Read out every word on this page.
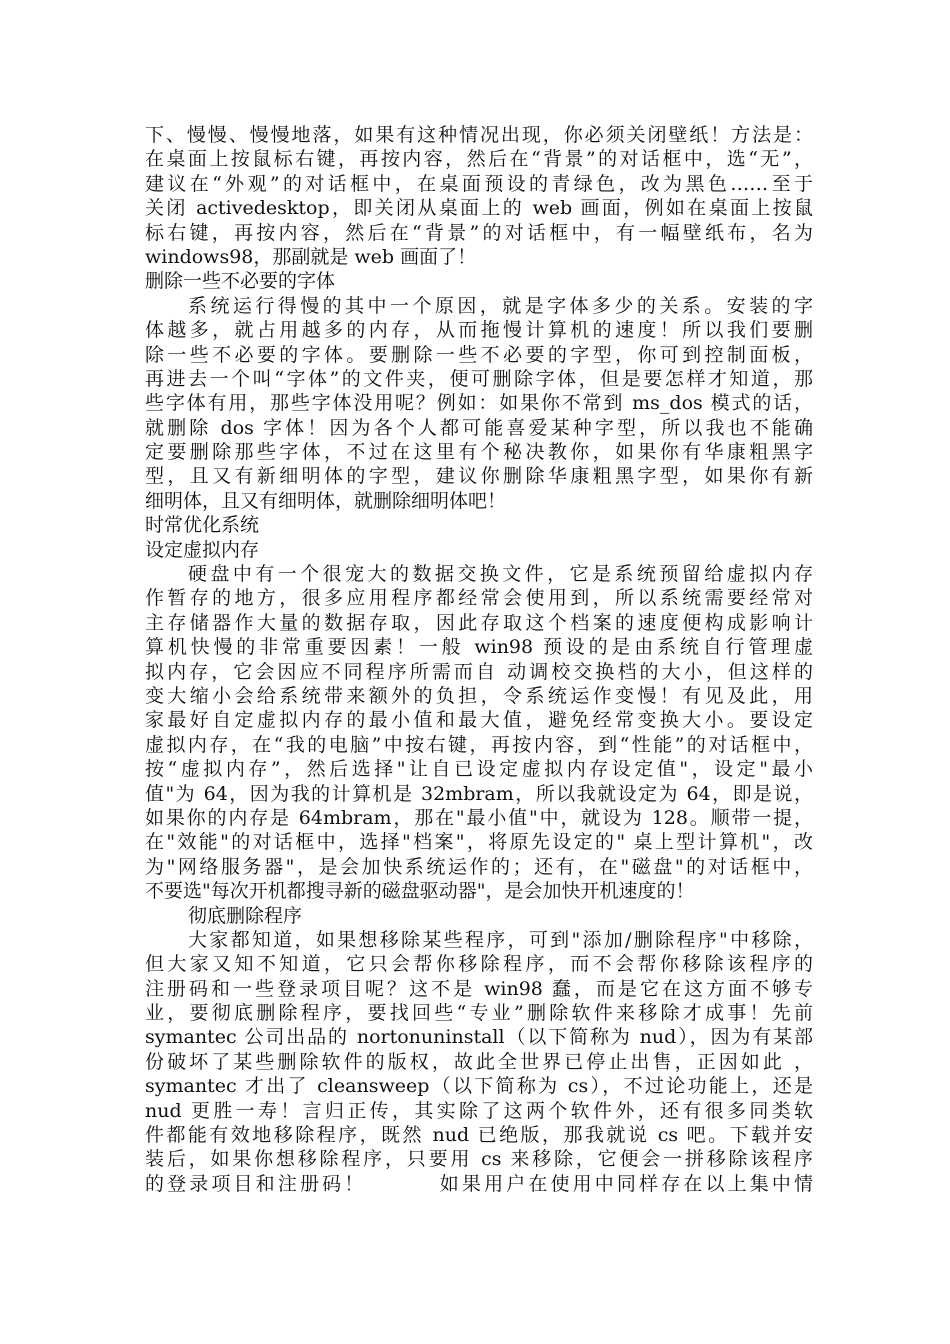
下、慢慢、慢慢地落，如果有这种情况出现，你必须关闭壁纸！方法是：
在桌面上按鼠标右键，再按内容，然后在“背景”的对话框中，选“无”，
建议在“外观”的对话框中，在桌面预设的青绿色，改为黑色……至于
关闭 activedesktop，即关闭从桌面上的 web 画面，例如在桌面上按鼠
标右键，再按内容，然后在“背景”的对话框中，有一幅壁纸布，名为
windows98，那副就是 web 画面了！
删除一些不必要的字体
系统运行得慢的其中一个原因，就是字体多少的关系。安装的字
体越多，就占用越多的内存，从而拖慢计算机的速度！所以我们要删
除一些不必要的字体。要删除一些不必要的字型，你可到控制面板，
再进去一个叫“字体”的文件夹，便可删除字体，但是要怎样才知道，那
些字体有用，那些字体没用呢？例如：如果你不常到 ms_dos 模式的话，
就删除 dos 字体！因为各个人都可能喜爱某种字型，所以我也不能确
定要删除那些字体，不过在这里有个秘决教你，如果你有华康粗黑字
型，且又有新细明体的字型，建议你删除华康粗黑字型，如果你有新
细明体，且又有细明体，就删除细明体吧！
时常优化系统
设定虚拟内存
硬盘中有一个很宠大的数据交换文件，它是系统预留给虚拟内存
作暂存的地方，很多应用程序都经常会使用到，所以系统需要经常对
主存储器作大量的数据存取，因此存取这个档案的速度便构成影响计
算机快慢的非常重要因素！一般 win98 预设的是由系统自行管理虚
拟内存，它会因应不同程序所需而自 动调校交换档的大小，但这样的
变大缩小会给系统带来额外的负担，令系统运作变慢！有见及此，用
家最好自定虚拟内存的最小值和最大值，避免经常变换大小。要设定
虚拟内存，在“我的电脑”中按右键，再按内容，到“性能”的对话框中，
按“虚拟内存”，然后选择"让自已设定虚拟内存设定值"，设定"最小
值"为 64，因为我的计算机是 32mbram，所以我就设定为 64，即是说，
如果你的内存是 64mbram，那在"最小值"中，就设为 128。顺带一提，
在"效能"的对话框中，选择"档案"，将原先设定的" 桌上型计算机"，改
为"网络服务器"，是会加快系统运作的；还有，在"磁盘"的对话框中，
不要选"每次开机都搜寻新的磁盘驱动器"，是会加快开机速度的！
彻底删除程序
大家都知道，如果想移除某些程序，可到"添加/删除程序"中移除，
但大家又知不知道，它只会帮你移除程序，而不会帮你移除该程序的
注册码和一些登录项目呢？这不是 win98 蠢，而是它在这方面不够专
业，要彻底删除程序，要找回些“专业”删除软件来移除才成事！先前
symantec 公司出品的 nortonuninstall（以下简称为 nud），因为有某部
份破坏了某些删除软件的版权，故此全世界已停止出售，正因如此 ，
symantec 才出了 cleansweep（以下简称为 cs），不过论功能上，还是
nud 更胜一寿！言归正传，其实除了这两个软件外，还有很多同类软
件都能有效地移除程序，既然 nud 已绝版，那我就说 cs 吧。下载并安
装后，如果你想移除程序，只要用 cs 来移除，它便会一拼移除该程序
的登录项目和注册码！        如果用户在使用中同样存在以上集中情
